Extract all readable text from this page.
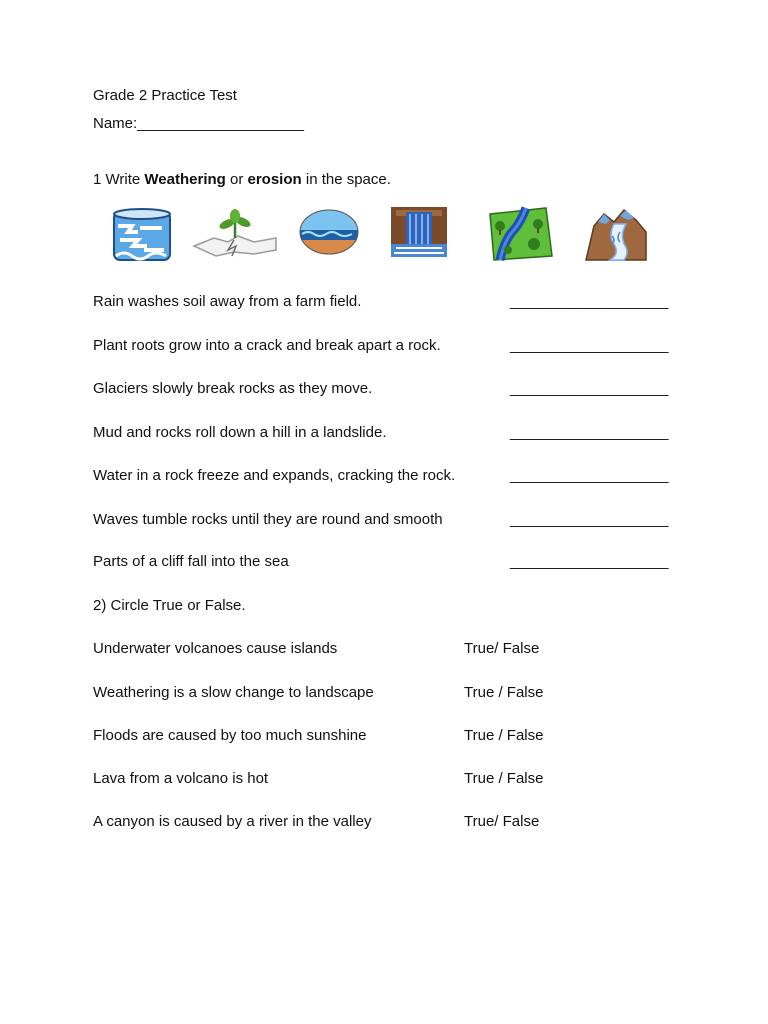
Grade 2 Practice Test
Name:____________________
1 Write Weathering or erosion in the space.
Rain washes soil away from a farm field.	___________________
Plant roots grow into a crack and break apart a rock.	___________________
Glaciers slowly break rocks as they move.	___________________
Mud and rocks roll down a hill in a landslide.	___________________
Water in a rock freeze and expands, cracking the rock.	___________________
Waves tumble rocks until they are round and smooth	___________________
Parts of a cliff fall into the sea	___________________
2) Circle True or False.
Underwater volcanoes cause islands	True/ False
Weathering is a slow change to landscape	True / False
Floods are caused by too much sunshine	True / False
Lava from a volcano is hot	True / False
A canyon is caused by a river in the valley	True/ False
